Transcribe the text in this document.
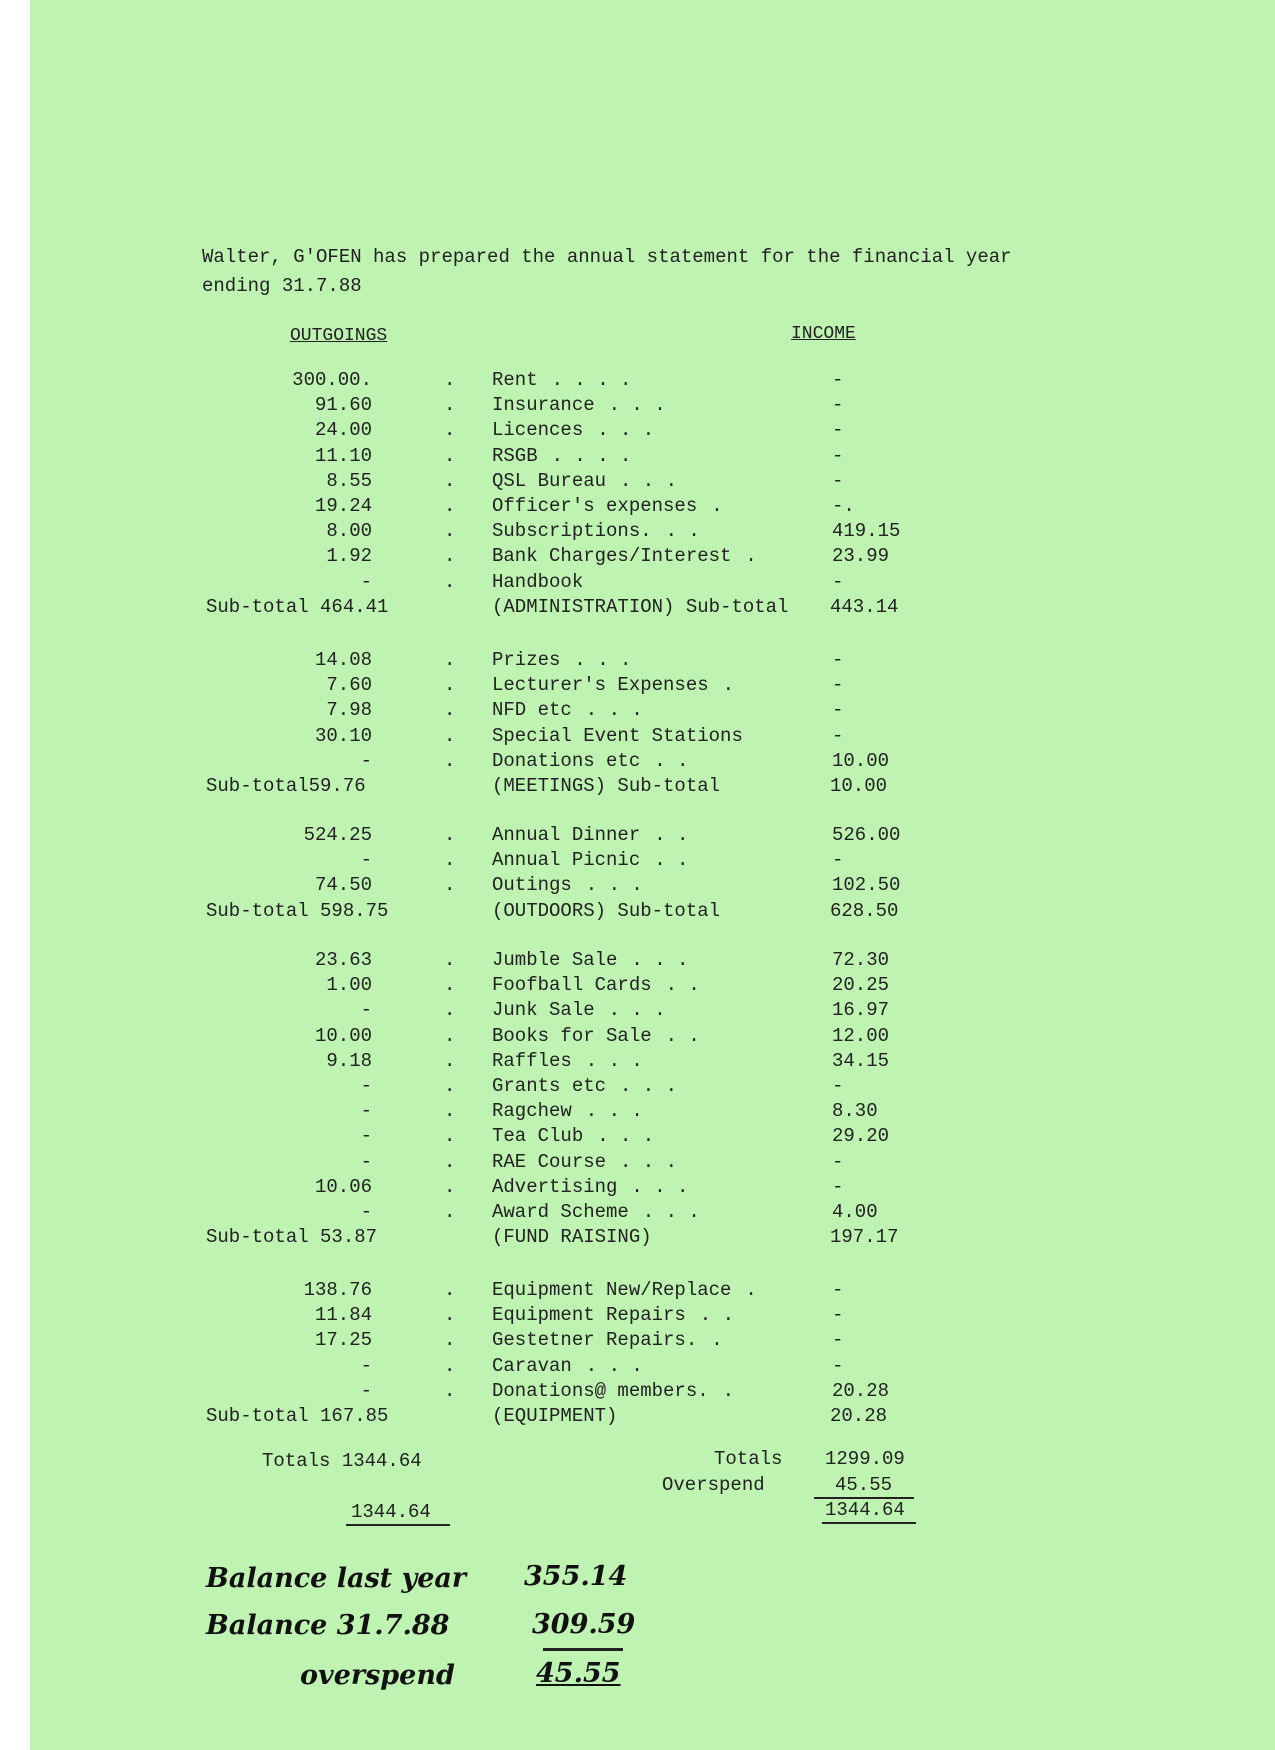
Walter, G'OFEN has prepared the annual statement for the financial year
ending 31.7.88
OUTGOINGS	INCOME
300.00.	. Rent . . . .	-
91.60	. Insurance . . .	-
24.00	. Licences . . .	-
11.10	. RSGB . . . .	-
8.55	. QSL Bureau . . .	-
19.24	. Officer's expenses .	-.
8.00	. Subscriptions. . .	419.15
1.92	. Bank Charges/Interest .	23.99
-	. Handbook	-
Sub-total 464.41	(ADMINISTRATION) Sub-total 443.14
14.08	. Prizes . . .	-
7.60	. Lecturer's Expenses .	-
7.98	. NFD etc . . .	-
30.10	. Special Event Stations	-
-	. Donations etc . .	10.00
Sub-total59.76	(MEETINGS) Sub-total	10.00
524.25	. Annual Dinner . .	526.00
-	. Annual Picnic . .	-
74.50	. Outings . . .	102.50
Sub-total 598.75	(OUTDOORS) Sub-total	628.50
23.63	. Jumble Sale . . .	72.30
1.00	. Foofball Cards . .	20.25
-	. Junk Sale . . .	16.97
10.00	. Books for Sale . .	12.00
9.18	. Raffles . . .	34.15
-	. Grants etc . . .	-
-	. Ragchew . . .	8.30
-	. Tea Club . . .	29.20
-	. RAE Course . . .	-
10.06	. Advertising . . .	-
-	. Award Scheme . . .	4.00
Sub-total 53.87	(FUND RAISING)	197.17
138.76	. Equipment New/Replace .	-
11.84	. Equipment Repairs . .	-
17.25	. Gestetner Repairs. .	-
-	. Caravan . . .	-
-	. Donations@ members. .	20.28
Sub-total 167.85	(EQUIPMENT)	20.28
Totals 1344.64	Totals 1299.09
Overspend	45.55
1344.64	1344.64
Balance last year 355.14
Balance 31.7.88	309.59
overspend	45.55
